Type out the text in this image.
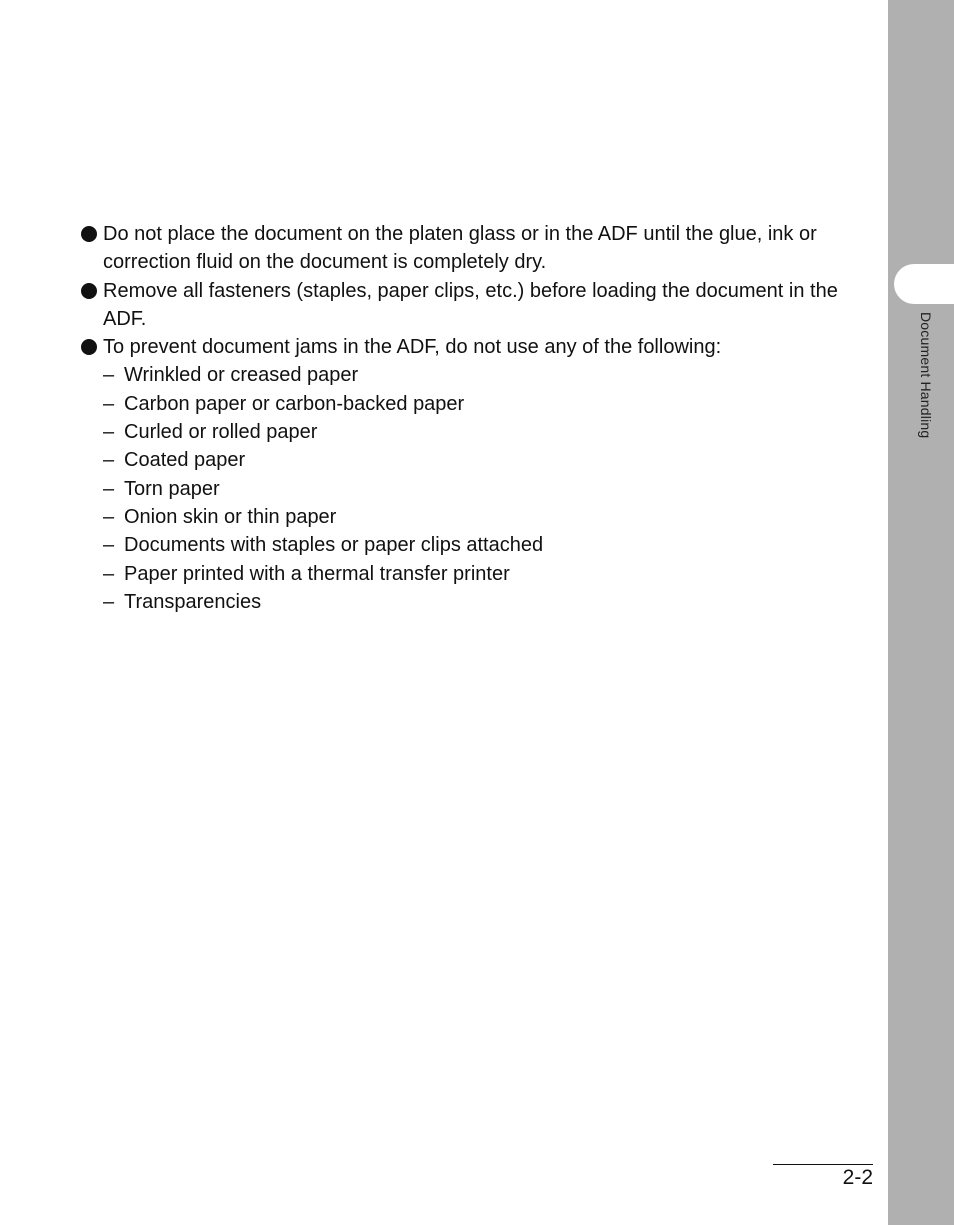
Document Handling
Do not place the document on the platen glass or in the ADF until the glue, ink or correction fluid on the document is completely dry.
Remove all fasteners (staples, paper clips, etc.) before loading the document in the ADF.
To prevent document jams in the ADF, do not use any of the following:
– Wrinkled or creased paper
– Carbon paper or carbon-backed paper
– Curled or rolled paper
– Coated paper
– Torn paper
– Onion skin or thin paper
– Documents with staples or paper clips attached
– Paper printed with a thermal transfer printer
– Transparencies
2-2
